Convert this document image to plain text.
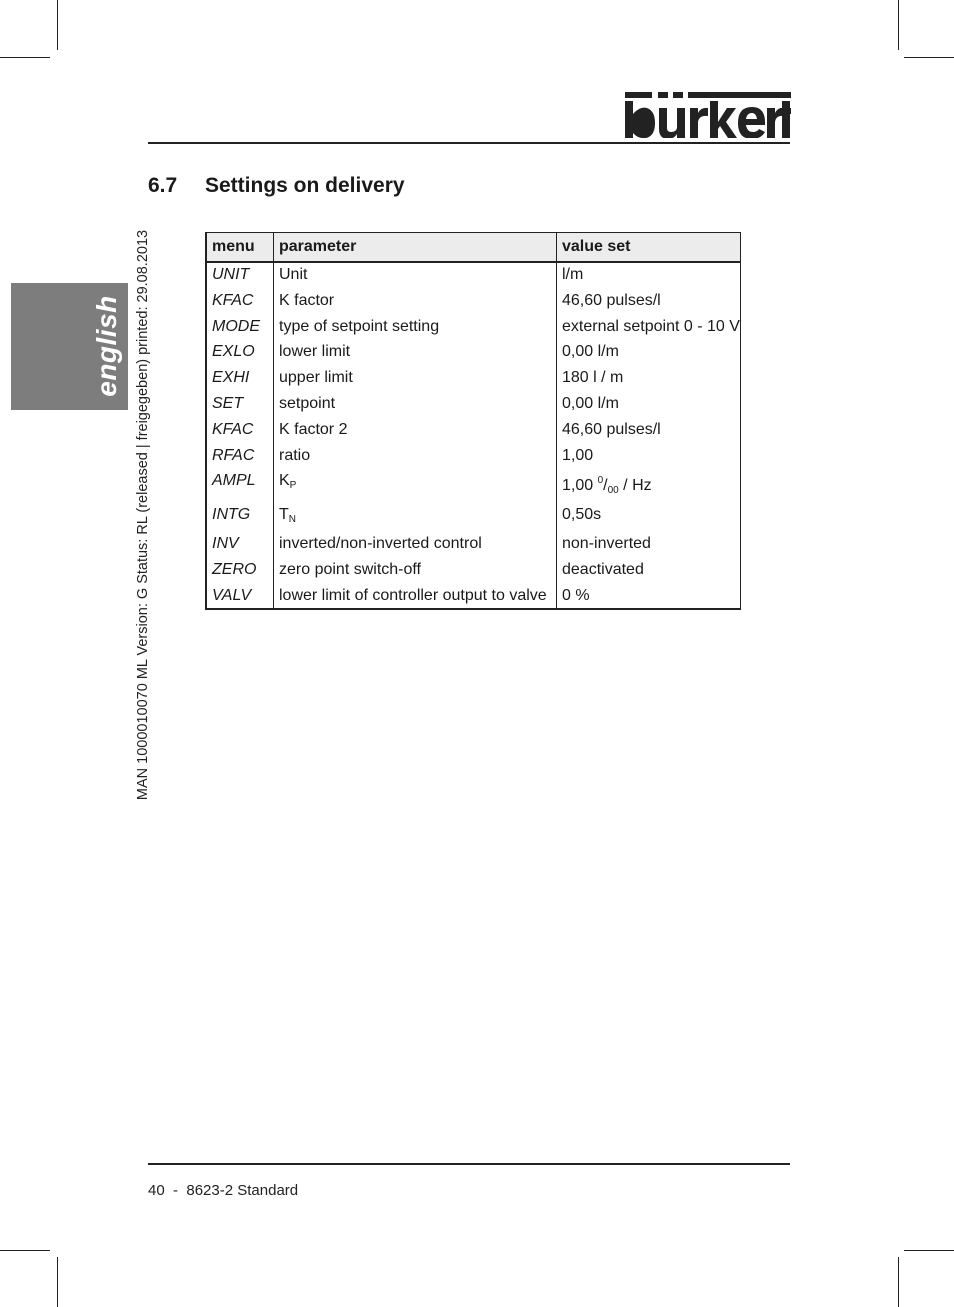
english MAN 1000010070 ML Version: G Status: RL (released | freigegeben) printed: 29.08.2013
6.7 Settings on delivery
menu	parameter	value set
UNIT	Unit	l/m
KFAC	K factor	46,60 pulses/l
MODE	type of setpoint setting	external setpoint 0 - 10 V
EXLO	lower limit	0,00 l/m
EXHI	upper limit	180 l / m
SET	setpoint	0,00 l/m
KFAC	K factor 2	46,60 pulses/l
RFAC	ratio	1,00
AMPL	$K_P$	1,00 $^0/_{00}$ / Hz
INTG	$T_N$	0,50s
INV	inverted/non-inverted control	non-inverted
ZERO	zero point switch-off	deactivated
VALV	lower limit of controller output to valve	0 %
40 - 8623-2 Standard
